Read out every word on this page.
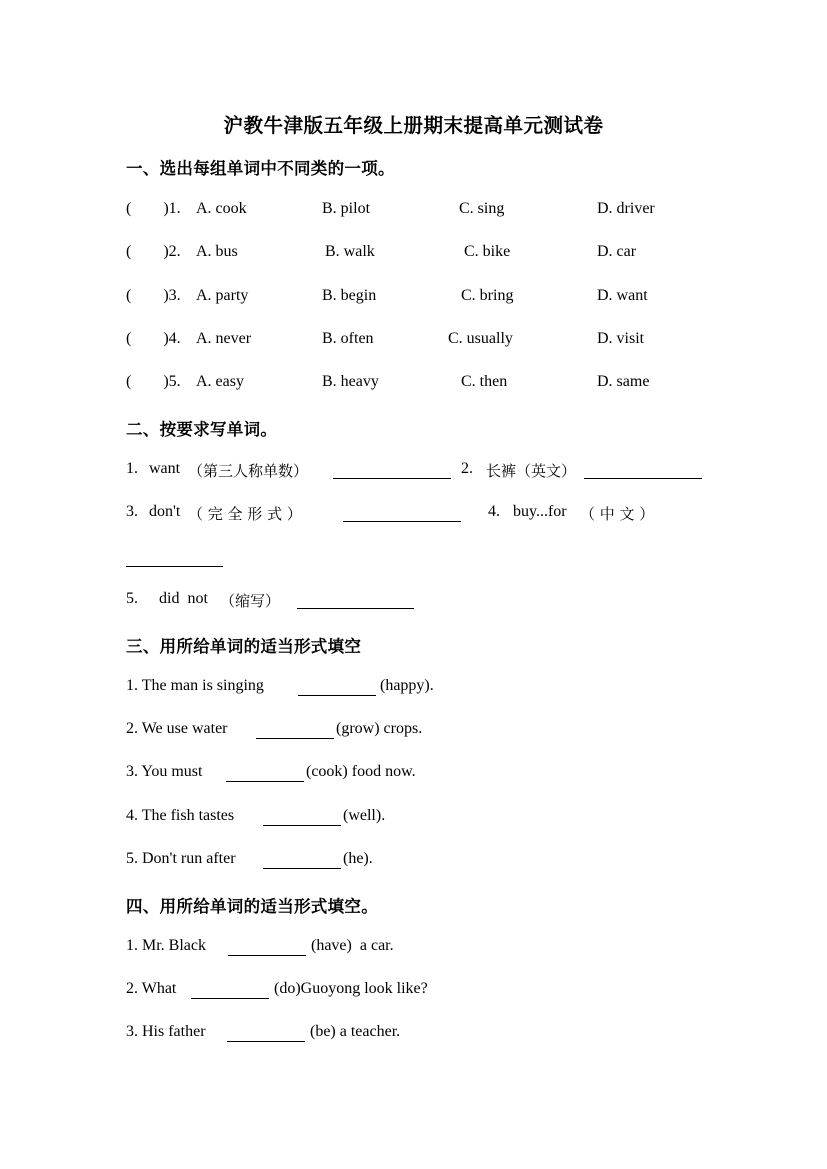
沪教牛津版五年级上册期末提高单元测试卷
一、选出每组单词中不同类的一项。
(        )1. A. cook	B. pilot	C. sing	D. driver
(        )2. A. bus	B. walk	C. bike	D. car
(        )3. A. party	B. begin	C. bring	D. want
(        )4. A. never	B. often	C. usually	D. visit
(        )5. A. easy	B. heavy	C. then	D. same
二、按要求写单词。
1. want （第三人称单数）	2. 长裤（英文）
3. don't （ 完 全 形 式 ）	4. buy...for （ 中 文 ）
5. did  not （缩写）
三、用所给单词的适当形式填空
1. The man is singing	(happy).
2. We use water	(grow) crops.
3. You must	(cook) food now.
4. The fish tastes	(well).
5. Don't run after	(he).
四、用所给单词的适当形式填空。
1. Mr. Black	(have)  a car.
2. What	(do)Guoyong look like?
3. His father	(be) a teacher.
